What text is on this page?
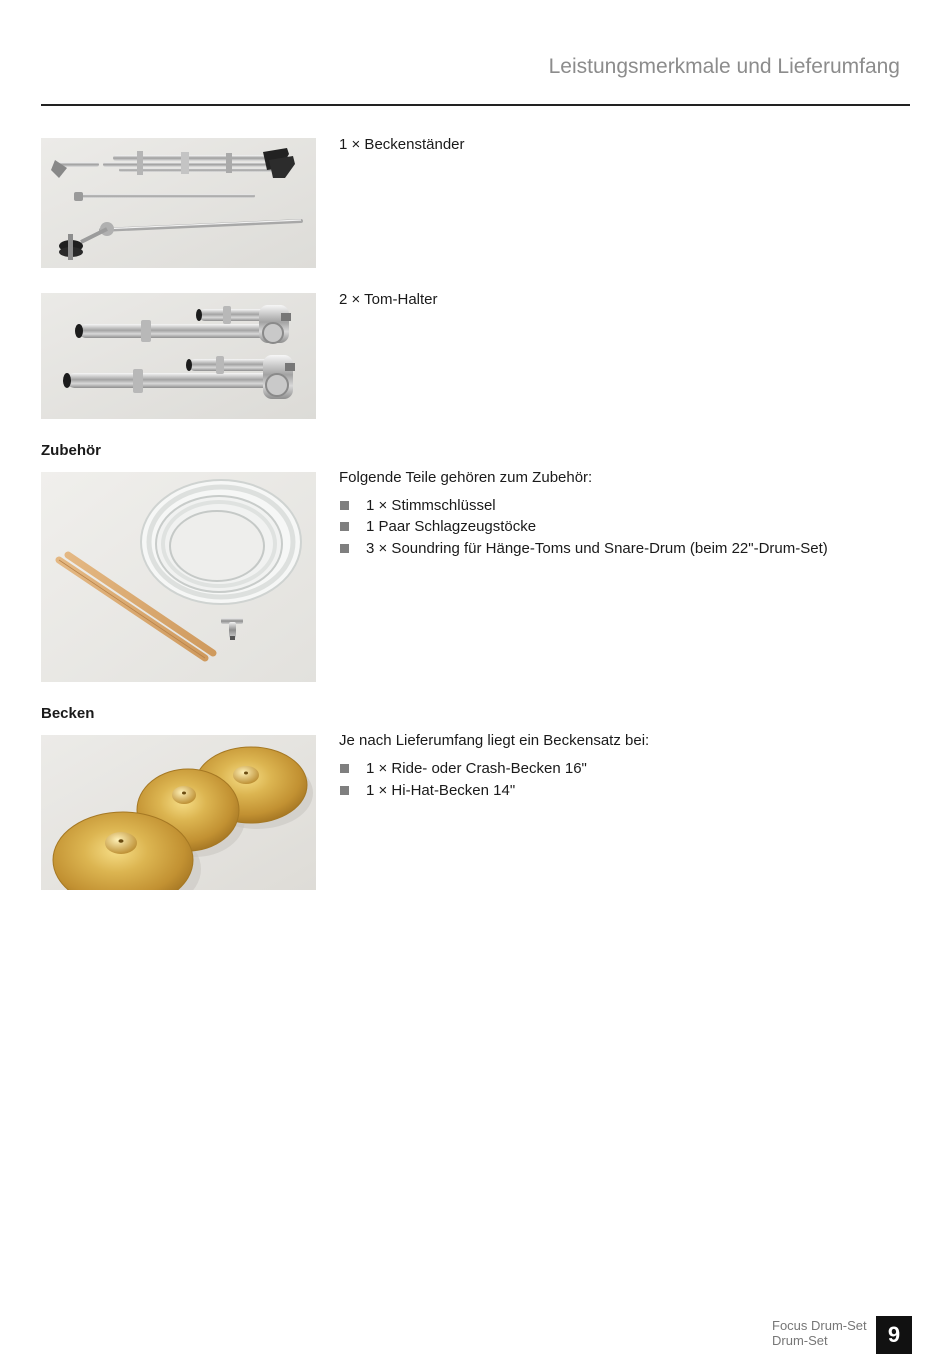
Leistungsmerkmale und Lieferumfang
1 × Beckenständer
2 × Tom-Halter
Zubehör
Folgende Teile gehören zum Zubehör:
1 × Stimmschlüssel
1 Paar Schlagzeugstöcke
3 × Soundring für Hänge-Toms und Snare-Drum (beim 22"-Drum-Set)
Becken
Je nach Lieferumfang liegt ein Beckensatz bei:
1 × Ride- oder Crash-Becken 16"
1 × Hi-Hat-Becken 14"
Focus Drum-Set
Drum-Set	9
